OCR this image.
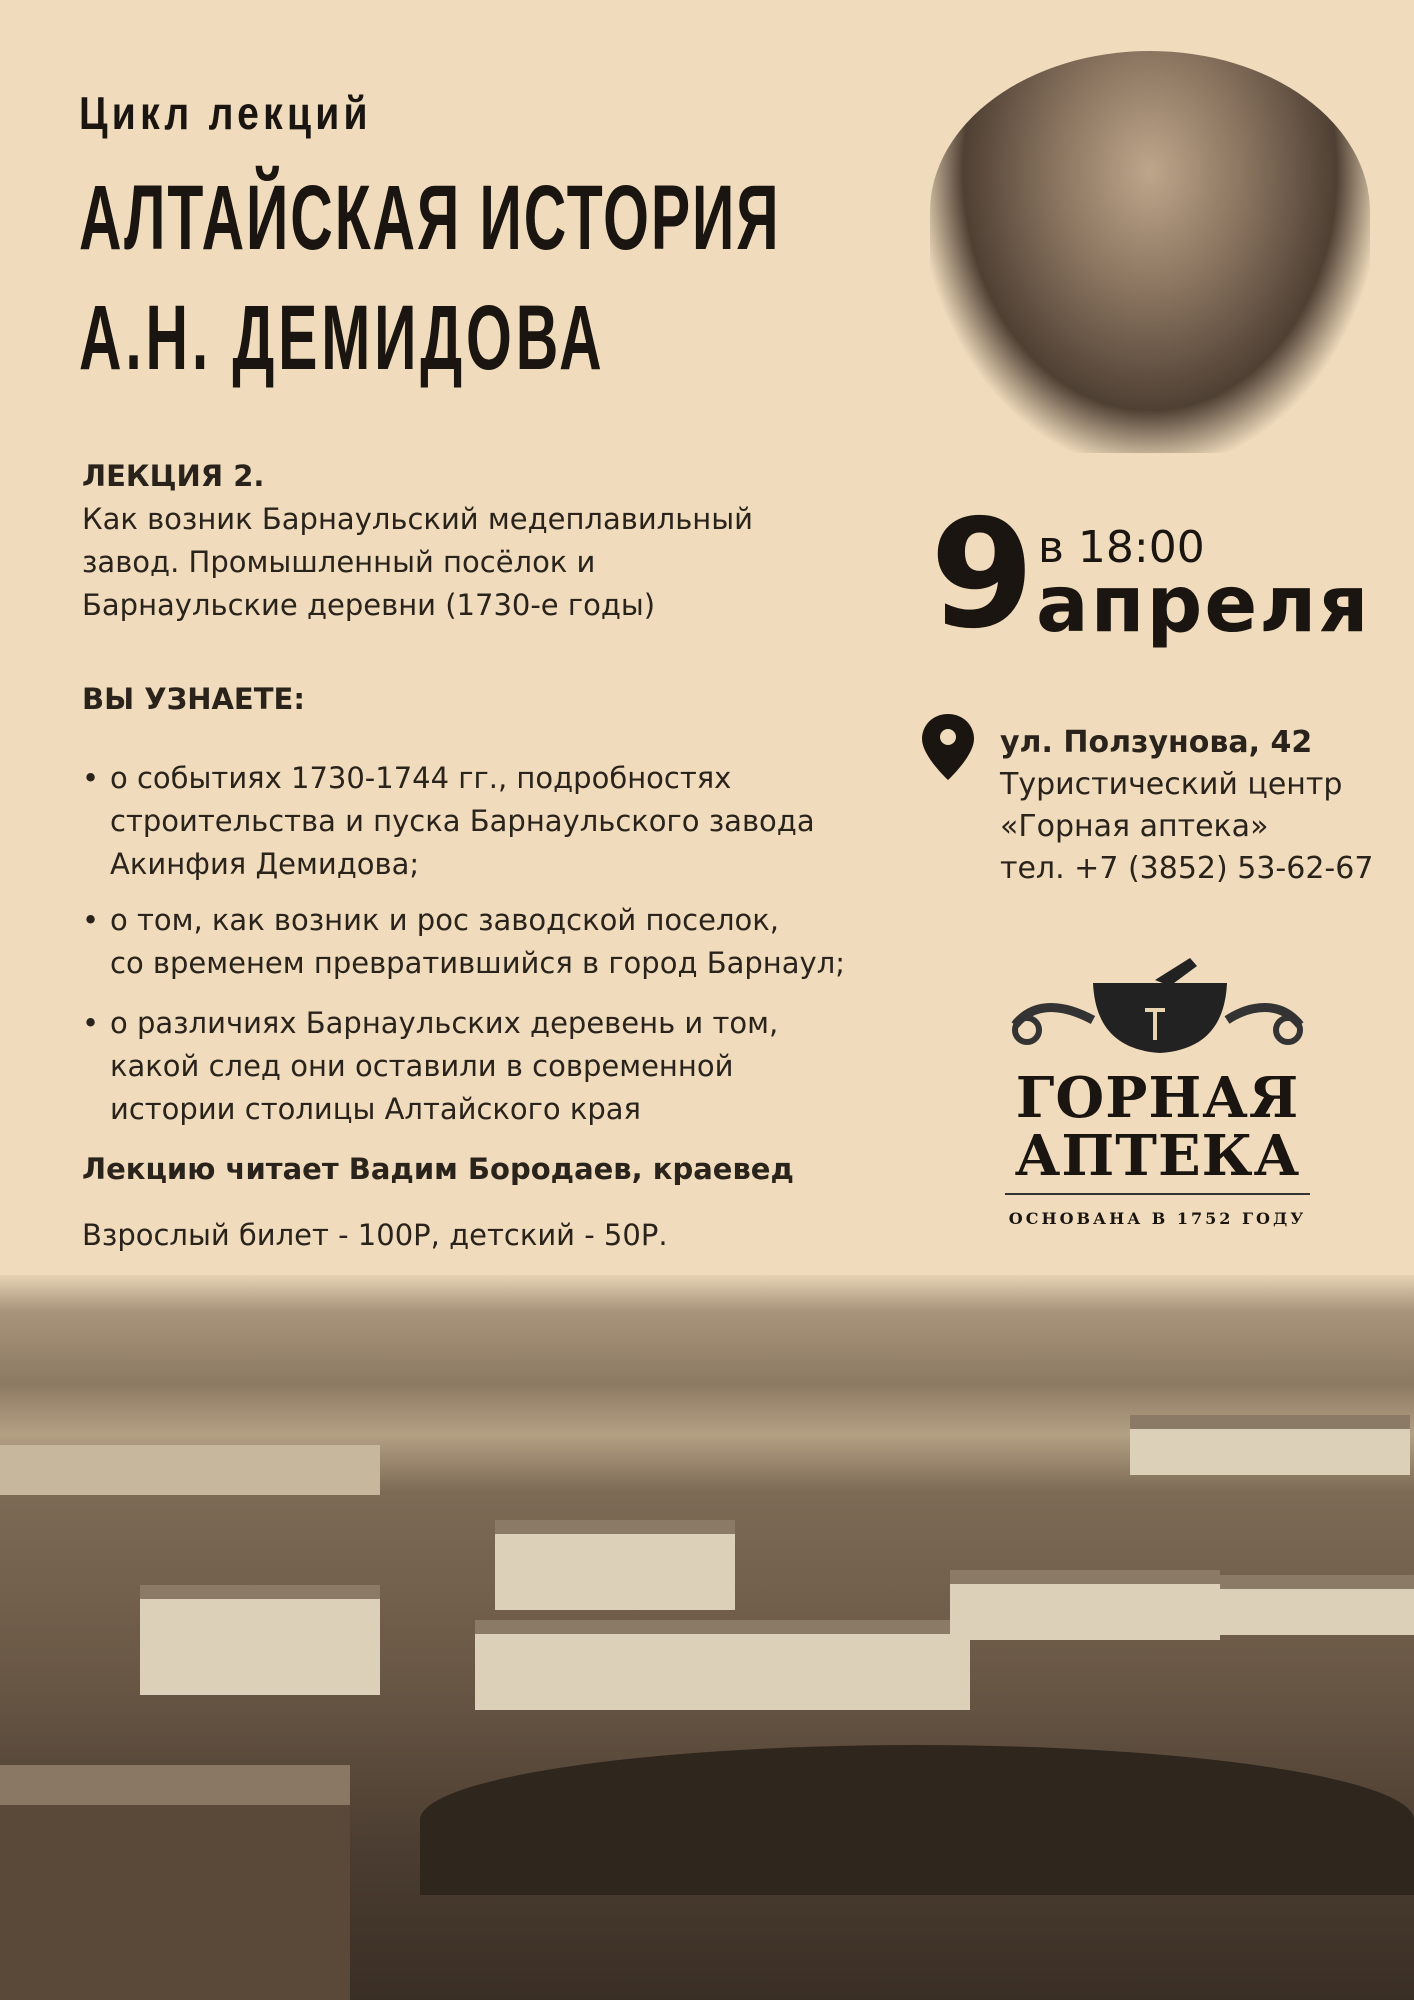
Цикл лекций
АЛТАЙСКАЯ ИСТОРИЯ
А.Н. ДЕМИДОВА
ЛЕКЦИЯ 2.
Как возник Барнаульский медеплавильный
завод. Промышленный посёлок и
Барнаульские деревни (1730-е годы)
ВЫ УЗНАЕТЕ:
• о событиях 1730-1744 гг., подробностях
строительства и пуска Барнаульского завода
Акинфия Демидова;
• о том, как возник и рос заводской поселок,
со временем превратившийся в город Барнаул;
• о различиях Барнаульских деревень и том,
какой след они оставили в современной
истории столицы Алтайского края
Лекцию читает Вадим Бородаев, краевед
Взрослый билет - 100Р, детский - 50Р.
9 в 18:00
апреля
ул. Ползунова, 42
Туристический центр
«Горная аптека»
тел. +7 (3852) 53-62-67
ГОРНАЯ
АПТЕКА
ОСНОВАНА В 1752 ГОДУ
